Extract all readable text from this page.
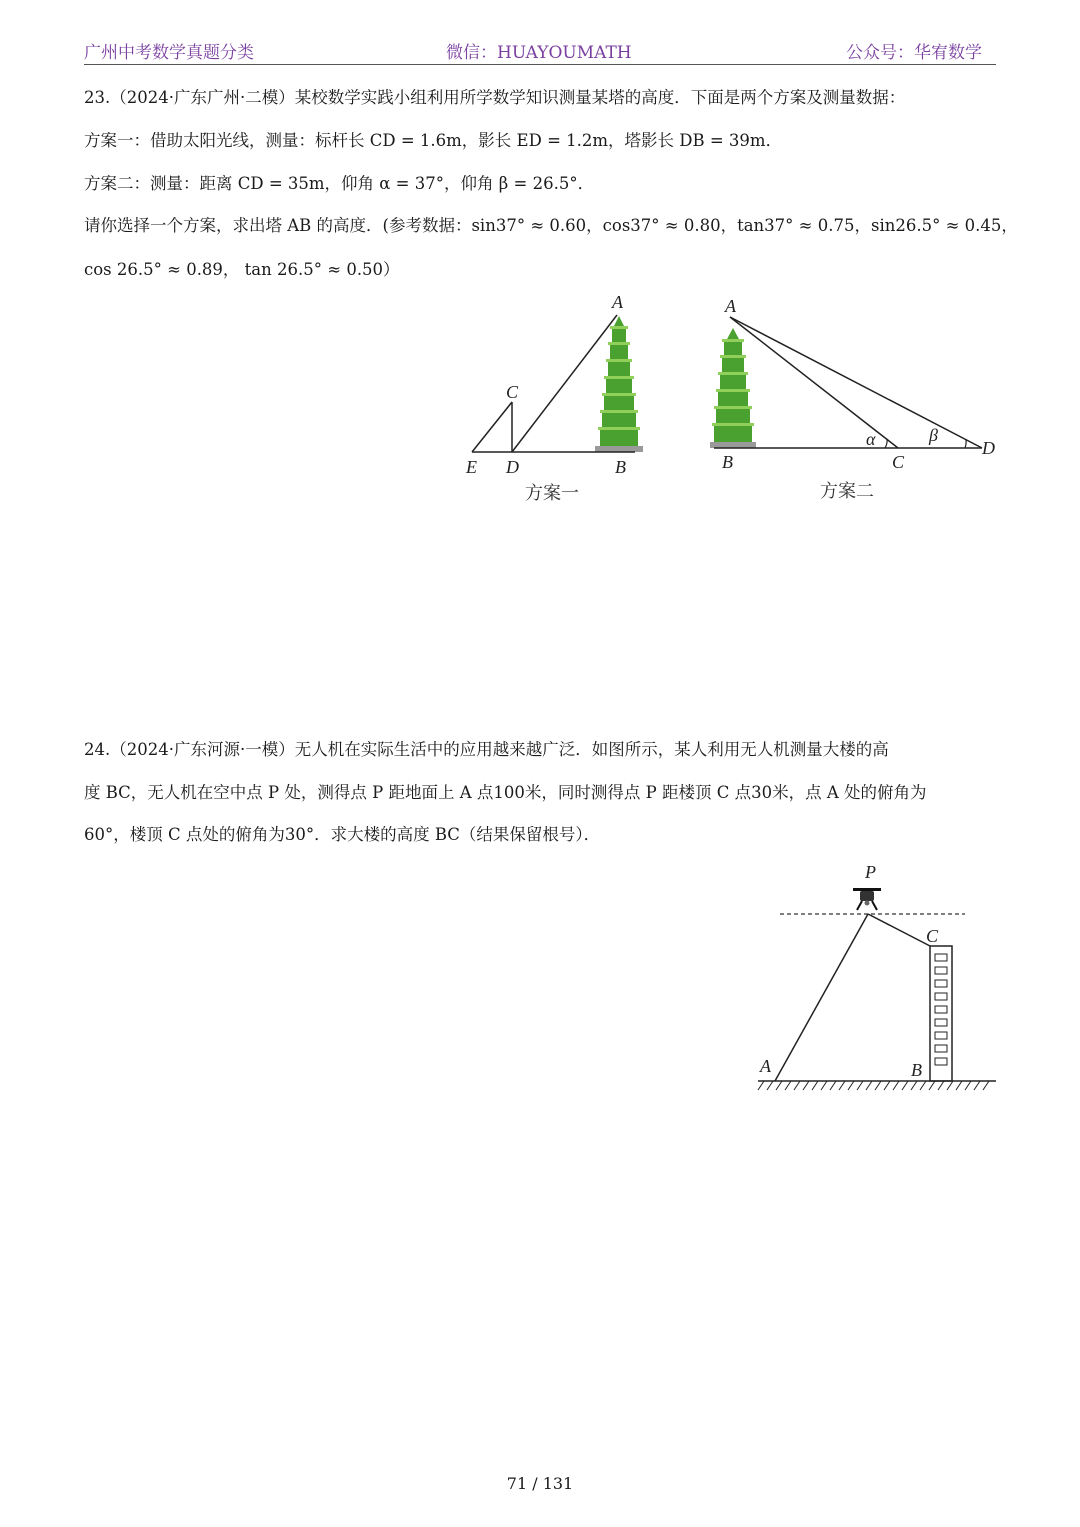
广州中考数学真题分类	微信：HUAYOUMATH	公众号：华宥数学
23.（2024·广东广州·二模）某校数学实践小组利用所学数学知识测量某塔的高度．下面是两个方案及测量数据：
方案一：借助太阳光线，测量：标杆长 CD = 1.6m，影长 ED = 1.2m，塔影长 DB = 39m．
方案二：测量：距离 CD = 35m，仰角 α = 37°，仰角 β = 26.5°．
请你选择一个方案，求出塔 AB 的高度．(参考数据：sin37° ≈ 0.60，cos37° ≈ 0.80，tan37° ≈ 0.75，sin26.5° ≈ 0.45，
cos 26.5° ≈ 0.89， tan 26.5° ≈ 0.50）
A
C
E D	B
方案一
A
B	C
D
α	β
方案二
24.（2024·广东河源·一模）无人机在实际生活中的应用越来越广泛．如图所示，某人利用无人机测量大楼的高
度 BC，无人机在空中点 P 处，测得点 P 距地面上 A 点100米，同时测得点 P 距楼顶 C 点30米，点 A 处的俯角为
60°，楼顶 C 点处的俯角为30°．求大楼的高度 BC（结果保留根号）．
P
C
A	B
71 / 131
